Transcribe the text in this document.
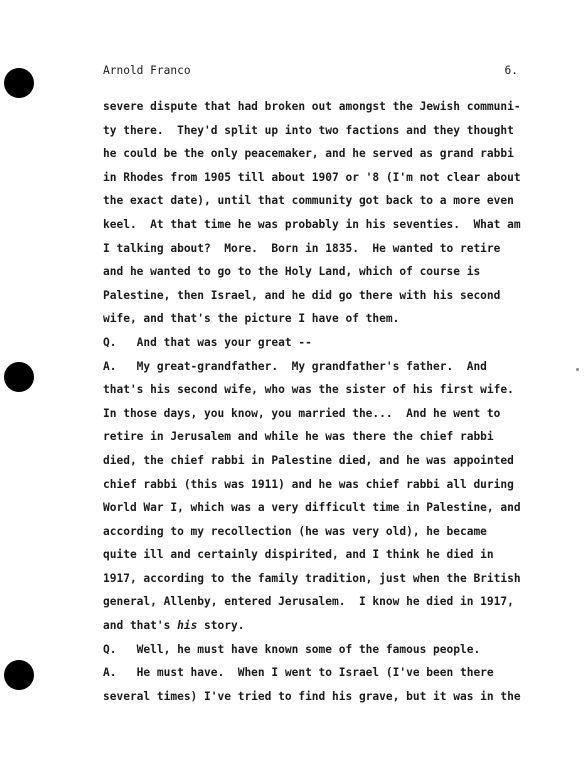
Arnold Franco	6.

severe dispute that had broken out amongst the Jewish communi-

ty there.  They'd split up into two factions and they thought

he could be the only peacemaker, and he served as grand rabbi

in Rhodes from 1905 till about 1907 or '8 (I'm not clear about

the exact date), until that community got back to a more even

keel.  At that time he was probably in his seventies.  What am

I talking about?  More.  Born in 1835.  He wanted to retire

and he wanted to go to the Holy Land, which of course is

Palestine, then Israel, and he did go there with his second

wife, and that's the picture I have of them.

Q.   And that was your great --

A.   My great-grandfather.  My grandfather's father.  And

that's his second wife, who was the sister of his first wife.

In those days, you know, you married the...  And he went to

retire in Jerusalem and while he was there the chief rabbi

died, the chief rabbi in Palestine died, and he was appointed

chief rabbi (this was 1911) and he was chief rabbi all during

World War I, which was a very difficult time in Palestine, and

according to my recollection (he was very old), he became

quite ill and certainly dispirited, and I think he died in

1917, according to the family tradition, just when the British

general, Allenby, entered Jerusalem.  I know he died in 1917,

and that's his story.

Q.   Well, he must have known some of the famous people.

A.   He must have.  When I went to Israel (I've been there

several times) I've tried to find his grave, but it was in the
